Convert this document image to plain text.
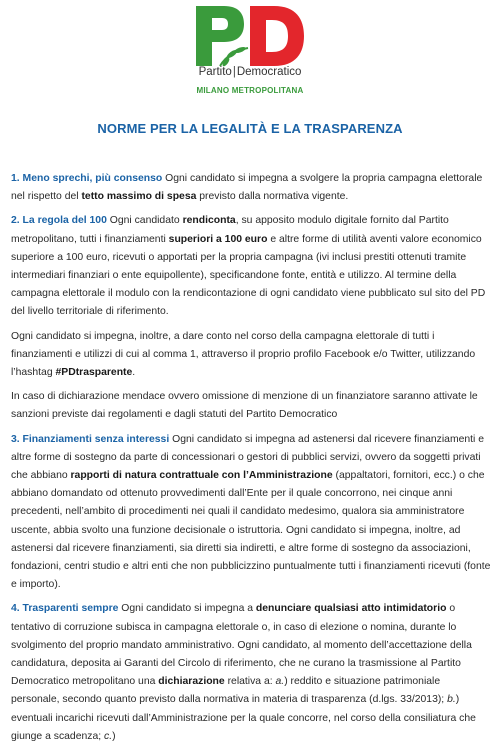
Partito|Democratico
MILANO METROPOLITANA
NORME PER LA LEGALITÀ E LA TRASPARENZA

1. Meno sprechi, più consenso Ogni candidato si impegna a svolgere la propria campagna elettorale nel rispetto del tetto massimo di spesa previsto dalla normativa vigente.

2. La regola del 100 Ogni candidato rendiconta, su apposito modulo digitale fornito dal Partito metropolitano, tutti i finanziamenti superiori a 100 euro e altre forme di utilità aventi valore economico superiore a 100 euro, ricevuti o apportati per la propria campagna (ivi inclusi prestiti ottenuti tramite intermediari finanziari o ente equipollente), specificandone fonte, entità e utilizzo. Al termine della campagna elettorale il modulo con la rendicontazione di ogni candidato viene pubblicato sul sito del PD del livello territoriale di riferimento.

Ogni candidato si impegna, inoltre, a dare conto nel corso della campagna elettorale di tutti i finanziamenti e utilizzi di cui al comma 1, attraverso il proprio profilo Facebook e/o Twitter, utilizzando l’hashtag #PDtrasparente.

In caso di dichiarazione mendace ovvero omissione di menzione di un finanziatore saranno attivate le sanzioni previste dai regolamenti e dagli statuti del Partito Democratico

3. Finanziamenti senza interessi Ogni candidato si impegna ad astenersi dal ricevere finanziamenti e altre forme di sostegno da parte di concessionari o gestori di pubblici servizi, ovvero da soggetti privati che abbiano rapporti di natura contrattuale con l’Amministrazione (appaltatori, fornitori, ecc.) o che abbiano domandato od ottenuto provvedimenti dall’Ente per il quale concorrono, nei cinque anni precedenti, nell’ambito di procedimenti nei quali il candidato medesimo, qualora sia amministratore uscente, abbia svolto una funzione decisionale o istruttoria. Ogni candidato si impegna, inoltre, ad astenersi dal ricevere finanziamenti, sia diretti sia indiretti, e altre forme di sostegno da associazioni, fondazioni, centri studio e altri enti che non pubblicizzino puntualmente tutti i finanziamenti ricevuti (fonte e importo).

4. Trasparenti sempre Ogni candidato si impegna a denunciare qualsiasi atto intimidatorio o tentativo di corruzione subisca in campagna elettorale o, in caso di elezione o nomina, durante lo svolgimento del proprio mandato amministrativo. Ogni candidato, al momento dell’accettazione della candidatura, deposita ai Garanti del Circolo di riferimento, che ne curano la trasmissione al Partito Democratico metropolitano una dichiarazione relativa a: a.) reddito e situazione patrimoniale personale, secondo quanto previsto dalla normativa in materia di trasparenza (d.lgs. 33/2013); b.) eventuali incarichi ricevuti dall’Amministrazione per la quale concorre, nel corso della consiliatura che giunge a scadenza; c.)
